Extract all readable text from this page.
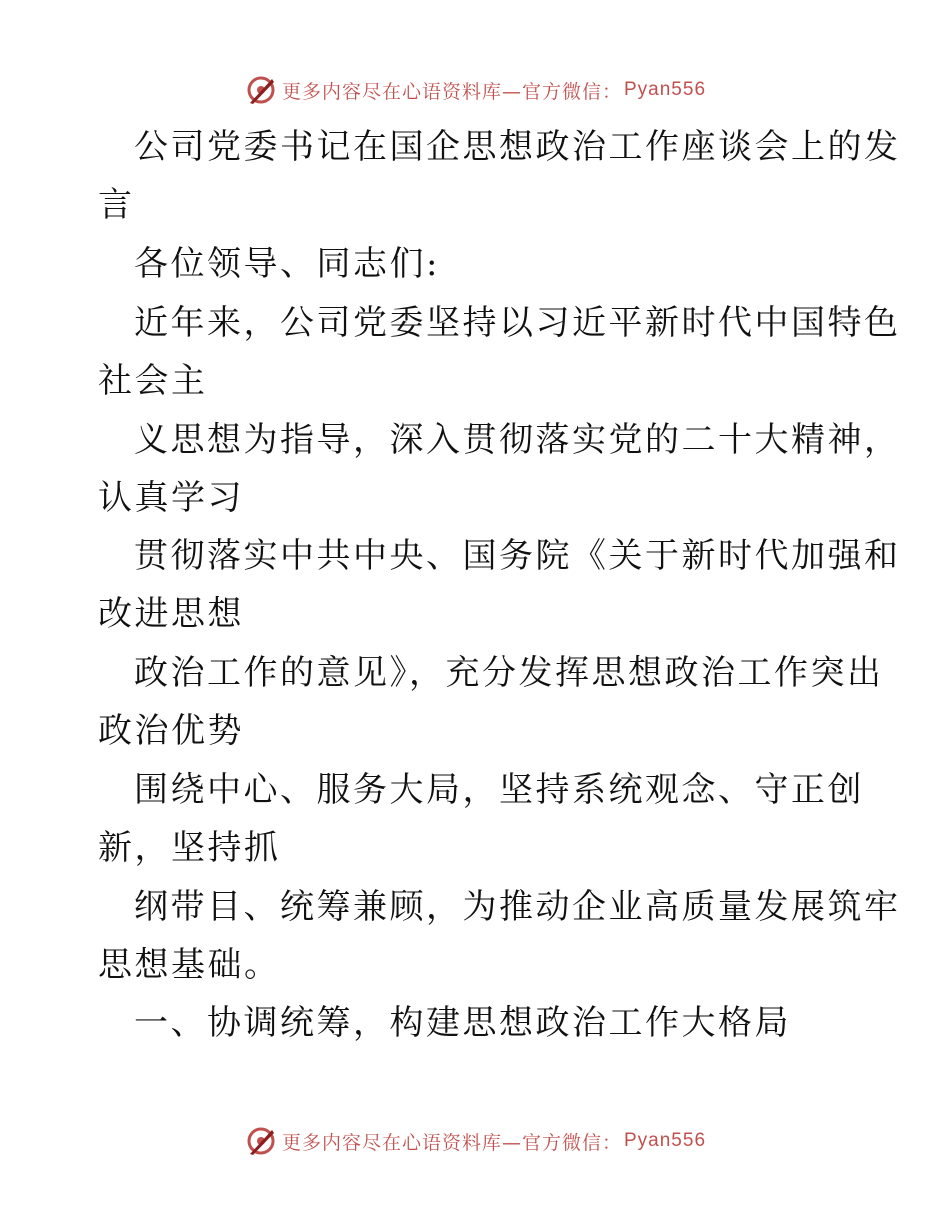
更多内容尽在心语资料库—官方微信： Pyan556
公司党委书记在国企思想政治工作座谈会上的发
言
各位领导、同志们:
近年来，公司党委坚持以习近平新时代中国特色
社会主
义思想为指导，深入贯彻落实党的二十大精神，
认真学习
贯彻落实中共中央、国务院《关于新时代加强和
改进思想
政治工作的意见》，充分发挥思想政治工作突出
政治优势
围绕中心、服务大局，坚持系统观念、守正创
新，坚持抓
纲带目、统筹兼顾，为推动企业高质量发展筑牢
思想基础。
一、协调统筹，构建思想政治工作大格局
更多内容尽在心语资料库—官方微信： Pyan556
